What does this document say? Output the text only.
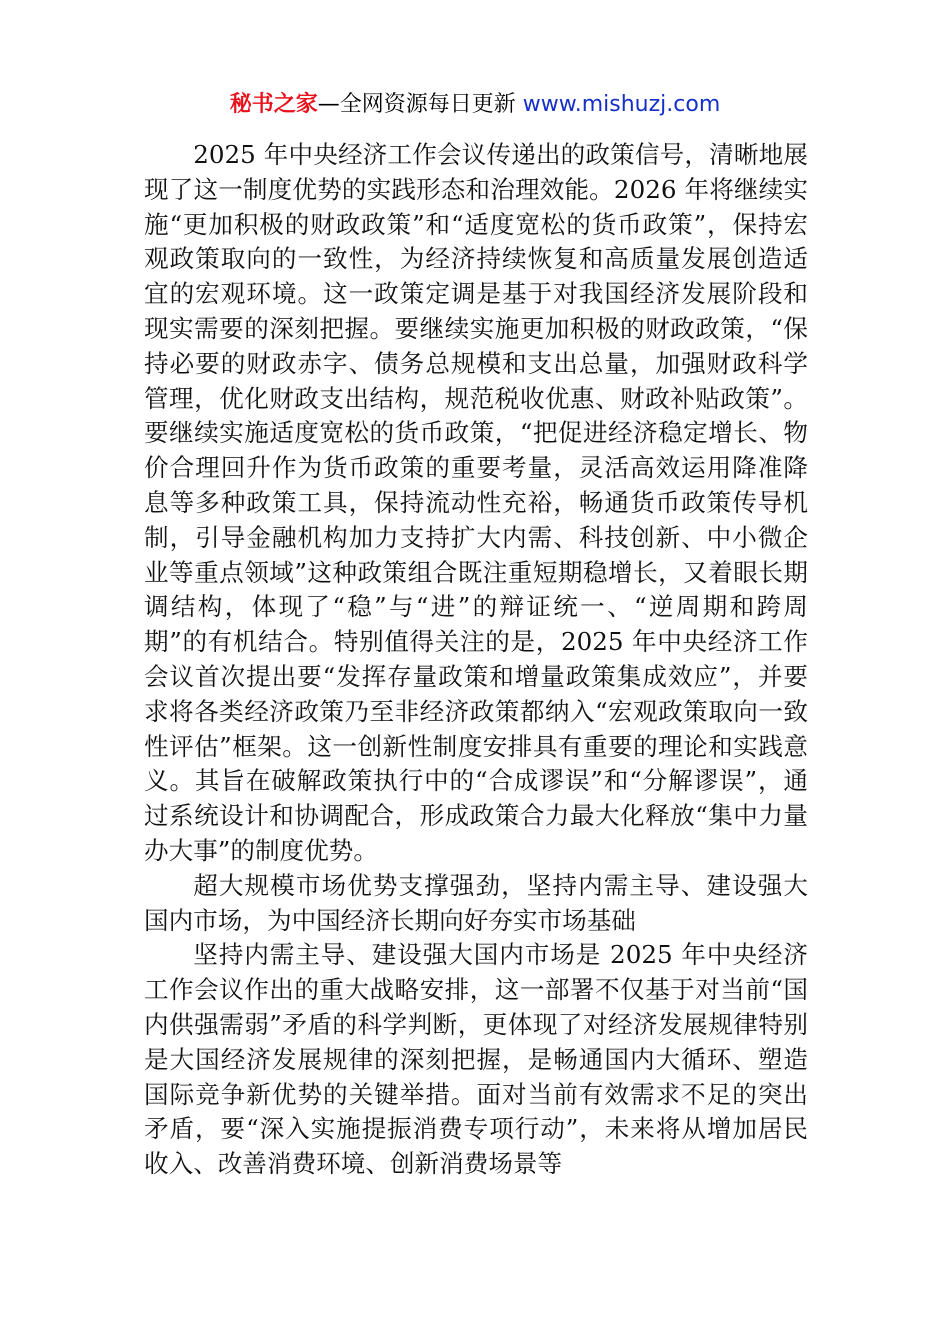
秘书之家—全网资源每日更新 www.mishuzj.com

2025 年中央经济工作会议传递出的政策信号，清晰地展现了这一制度优势的实践形态和治理效能。2026 年将继续实施“更加积极的财政政策”和“适度宽松的货币政策”，保持宏观政策取向的一致性，为经济持续恢复和高质量发展创造适宜的宏观环境。这一政策定调是基于对我国经济发展阶段和现实需要的深刻把握。要继续实施更加积极的财政政策，“保持必要的财政赤字、债务总规模和支出总量，加强财政科学管理，优化财政支出结构，规范税收优惠、财政补贴政策”。要继续实施适度宽松的货币政策，“把促进经济稳定增长、物价合理回升作为货币政策的重要考量，灵活高效运用降准降息等多种政策工具，保持流动性充裕，畅通货币政策传导机制，引导金融机构加力支持扩大内需、科技创新、中小微企业等重点领域”这种政策组合既注重短期稳增长，又着眼长期调结构，体现了“稳”与“进”的辩证统一、“逆周期和跨周期”的有机结合。特别值得关注的是，2025 年中央经济工作会议首次提出要“发挥存量政策和增量政策集成效应”，并要求将各类经济政策乃至非经济政策都纳入“宏观政策取向一致性评估”框架。这一创新性制度安排具有重要的理论和实践意义。其旨在破解政策执行中的“合成谬误”和“分解谬误”，通过系统设计和协调配合，形成政策合力最大化释放“集中力量办大事”的制度优势。

超大规模市场优势支撑强劲，坚持内需主导、建设强大国内市场，为中国经济长期向好夯实市场基础

坚持内需主导、建设强大国内市场是 2025 年中央经济工作会议作出的重大战略安排，这一部署不仅基于对当前“国内供强需弱”矛盾的科学判断，更体现了对经济发展规律特别是大国经济发展规律的深刻把握，是畅通国内大循环、塑造国际竞争新优势的关键举措。面对当前有效需求不足的突出矛盾，要“深入实施提振消费专项行动”，未来将从增加居民收入、改善消费环境、创新消费场景等
